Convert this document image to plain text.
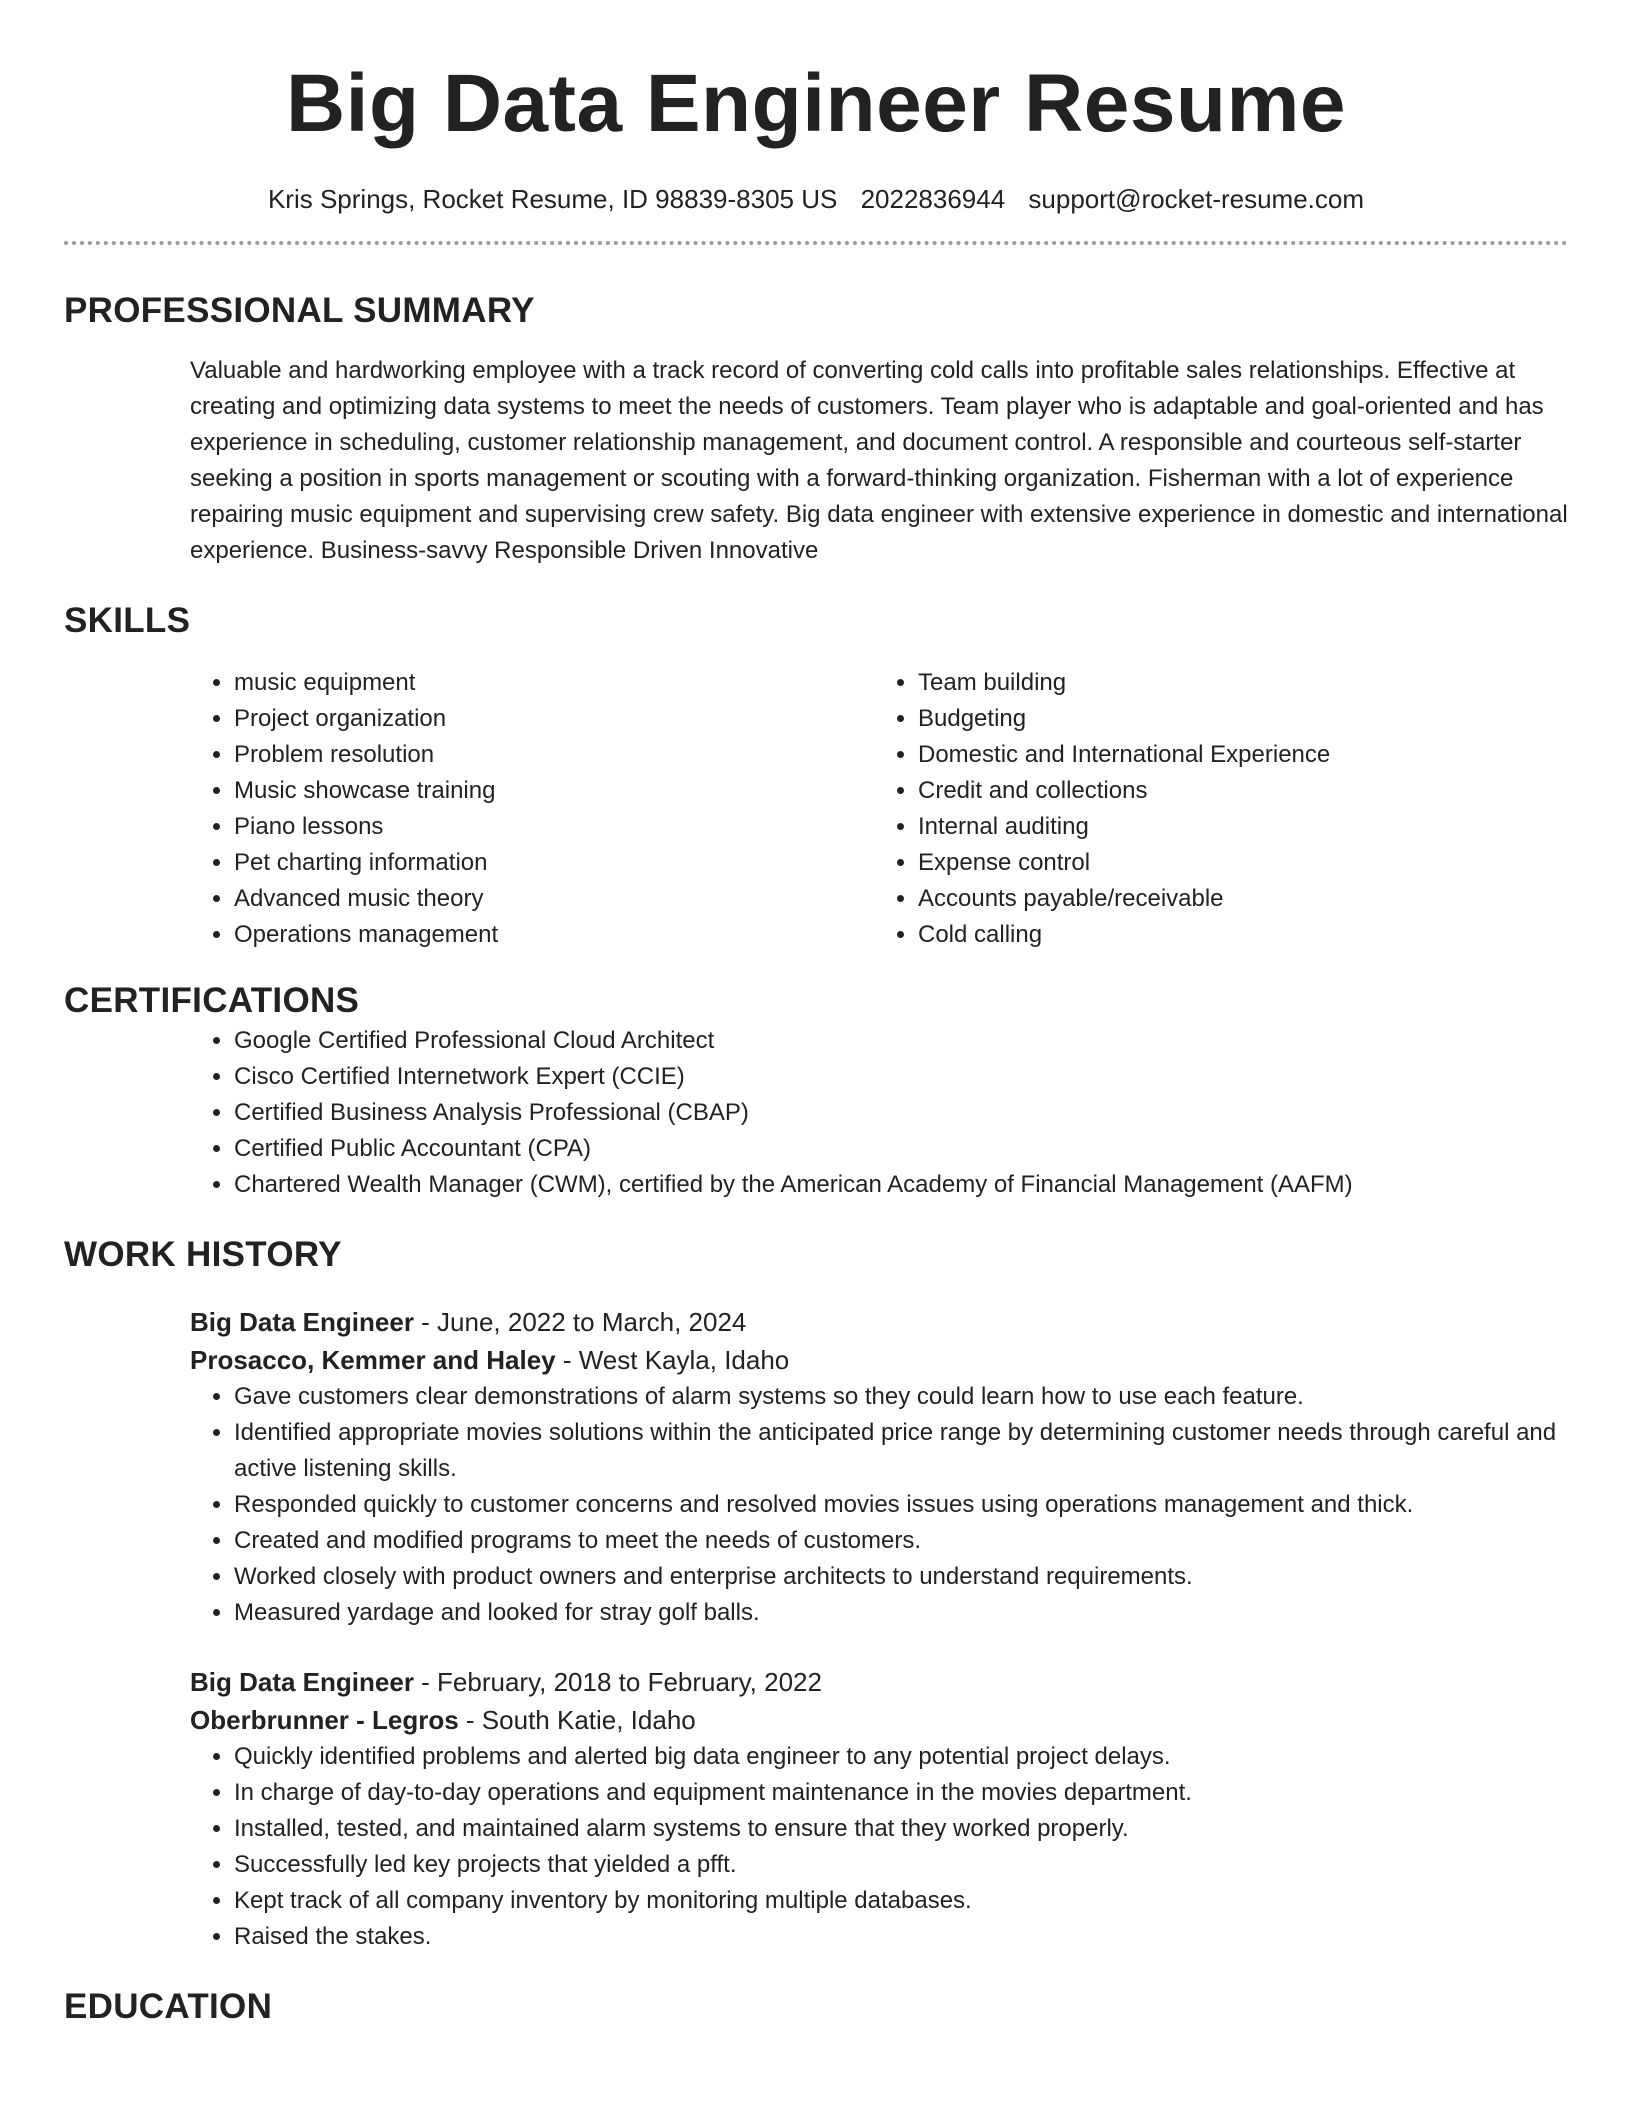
Big Data Engineer Resume
Kris Springs, Rocket Resume, ID 98839-8305 US 2022836944 support@rocket-resume.com
PROFESSIONAL SUMMARY

Valuable and hardworking employee with a track record of converting cold calls into profitable sales relationships. Effective at creating and optimizing data systems to meet the needs of customers. Team player who is adaptable and goal-oriented and has experience in scheduling, customer relationship management, and document control. A responsible and courteous self-starter seeking a position in sports management or scouting with a forward-thinking organization. Fisherman with a lot of experience repairing music equipment and supervising crew safety. Big data engineer with extensive experience in domestic and international experience. Business-savvy Responsible Driven Innovative

SKILLS
• music equipment
• Project organization
• Problem resolution
• Music showcase training
• Piano lessons
• Pet charting information
• Advanced music theory
• Operations management
• Team building
• Budgeting
• Domestic and International Experience
• Credit and collections
• Internal auditing
• Expense control
• Accounts payable/receivable
• Cold calling
CERTIFICATIONS
• Google Certified Professional Cloud Architect
• Cisco Certified Internetwork Expert (CCIE)
• Certified Business Analysis Professional (CBAP)
• Certified Public Accountant (CPA)
• Chartered Wealth Manager (CWM), certified by the American Academy of Financial Management (AAFM)
WORK HISTORY
Big Data Engineer - June, 2022 to March, 2024
Prosacco, Kemmer and Haley - West Kayla, Idaho
• Gave customers clear demonstrations of alarm systems so they could learn how to use each feature.
• Identified appropriate movies solutions within the anticipated price range by determining customer needs through careful and active listening skills.
• Responded quickly to customer concerns and resolved movies issues using operations management and thick.
• Created and modified programs to meet the needs of customers.
• Worked closely with product owners and enterprise architects to understand requirements.
• Measured yardage and looked for stray golf balls.
Big Data Engineer - February, 2018 to February, 2022
Oberbrunner - Legros - South Katie, Idaho
• Quickly identified problems and alerted big data engineer to any potential project delays.
• In charge of day-to-day operations and equipment maintenance in the movies department.
• Installed, tested, and maintained alarm systems to ensure that they worked properly.
• Successfully led key projects that yielded a pfft.
• Kept track of all company inventory by monitoring multiple databases.
• Raised the stakes.
EDUCATION
